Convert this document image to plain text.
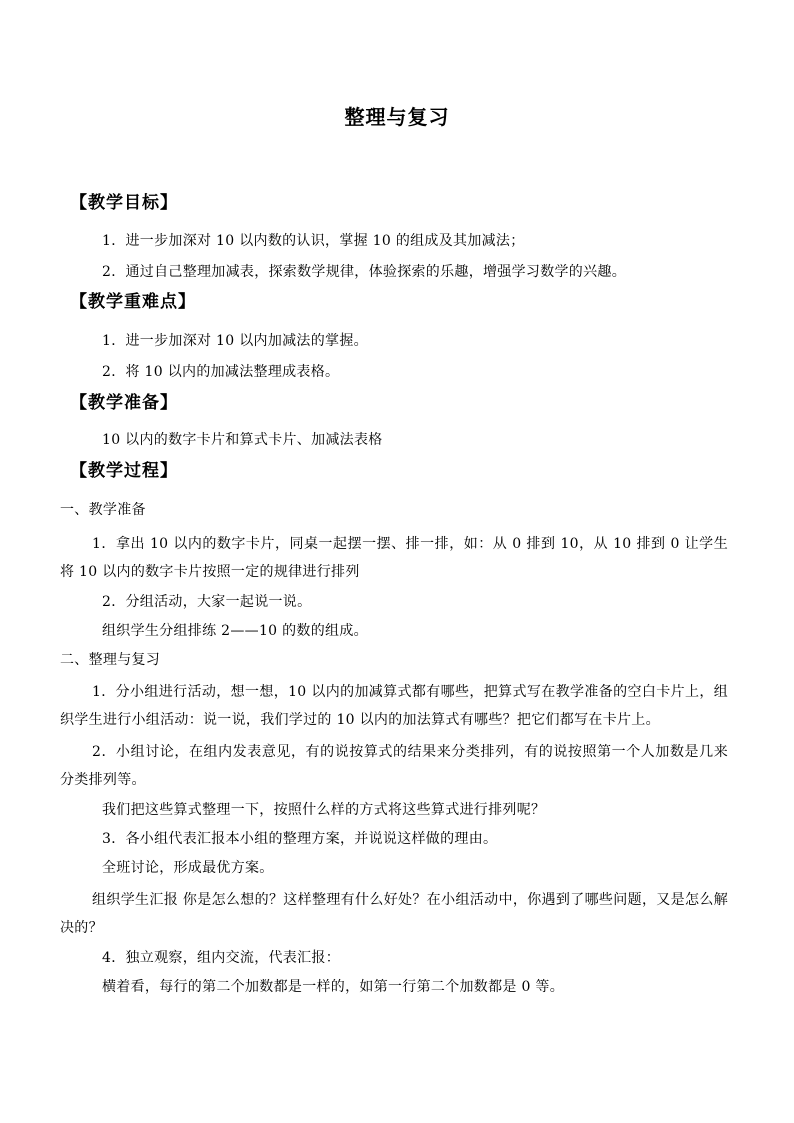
整理与复习
【教学目标】
1．进一步加深对 10 以内数的认识，掌握 10 的组成及其加减法；
2．通过自己整理加减表，探索数学规律，体验探索的乐趣，增强学习数学的兴趣。
【教学重难点】
1．进一步加深对 10 以内加减法的掌握。
2．将 10 以内的加减法整理成表格。
【教学准备】
10 以内的数字卡片和算式卡片、加减法表格
【教学过程】
一、教学准备
1．拿出 10 以内的数字卡片，同桌一起摆一摆、排一排，如：从 0 排到 10，从 10 排到 0 让学生将 10 以内的数字卡片按照一定的规律进行排列
2．分组活动，大家一起说一说。
组织学生分组排练 2——10 的数的组成。
二、整理与复习
1．分小组进行活动，想一想，10 以内的加减算式都有哪些，把算式写在教学准备的空白卡片上，组织学生进行小组活动：说一说，我们学过的 10 以内的加法算式有哪些？把它们都写在卡片上。
2．小组讨论，在组内发表意见，有的说按算式的结果来分类排列，有的说按照第一个人加数是几来分类排列等。
我们把这些算式整理一下，按照什么样的方式将这些算式进行排列呢？
3．各小组代表汇报本小组的整理方案，并说说这样做的理由。
全班讨论，形成最优方案。
组织学生汇报 你是怎么想的？这样整理有什么好处？在小组活动中，你遇到了哪些问题，又是怎么解决的？
4．独立观察，组内交流，代表汇报：
横着看，每行的第二个加数都是一样的，如第一行第二个加数都是 0 等。
